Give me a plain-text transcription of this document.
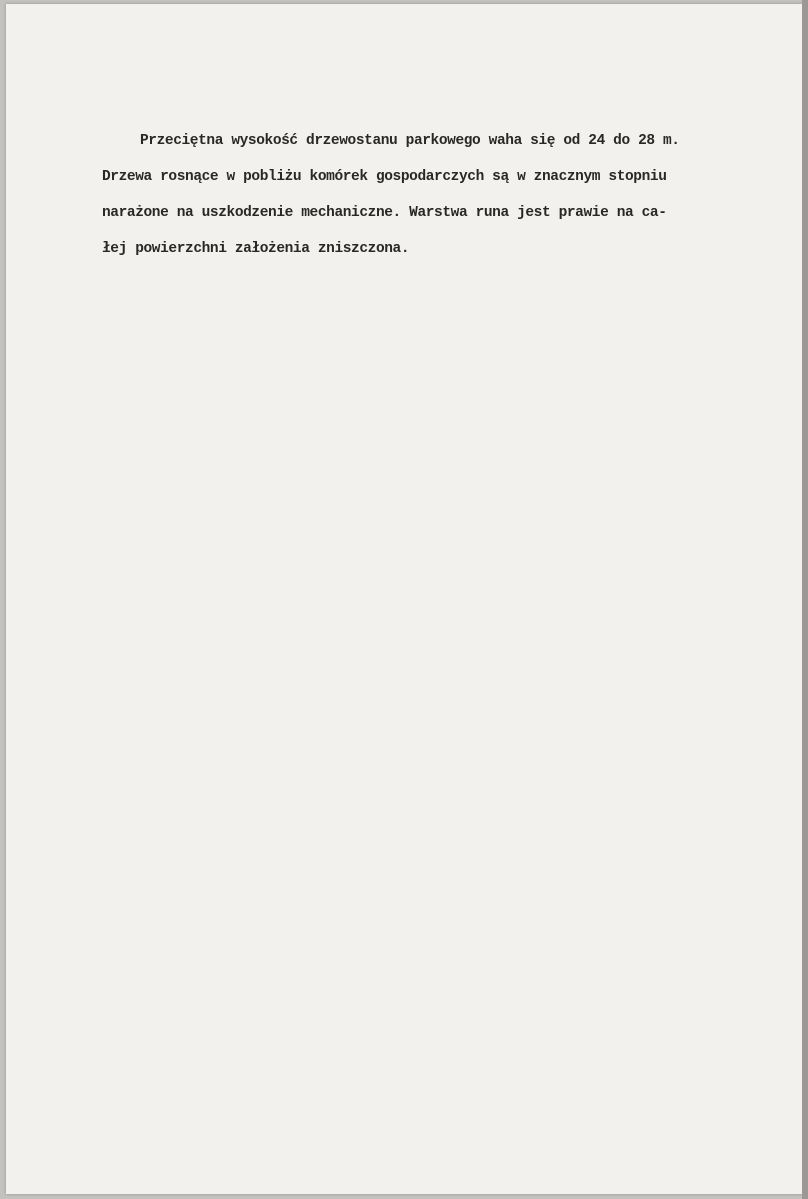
Przeciętna wysokość drzewostanu parkowego waha się od 24 do 28 m.
Drzewa rosnące w pobliżu komórek gospodarczych są w znacznym stopniu
narażone na uszkodzenie mechaniczne. Warstwa runa jest prawie na ca-
łej powierzchni założenia zniszczona.
